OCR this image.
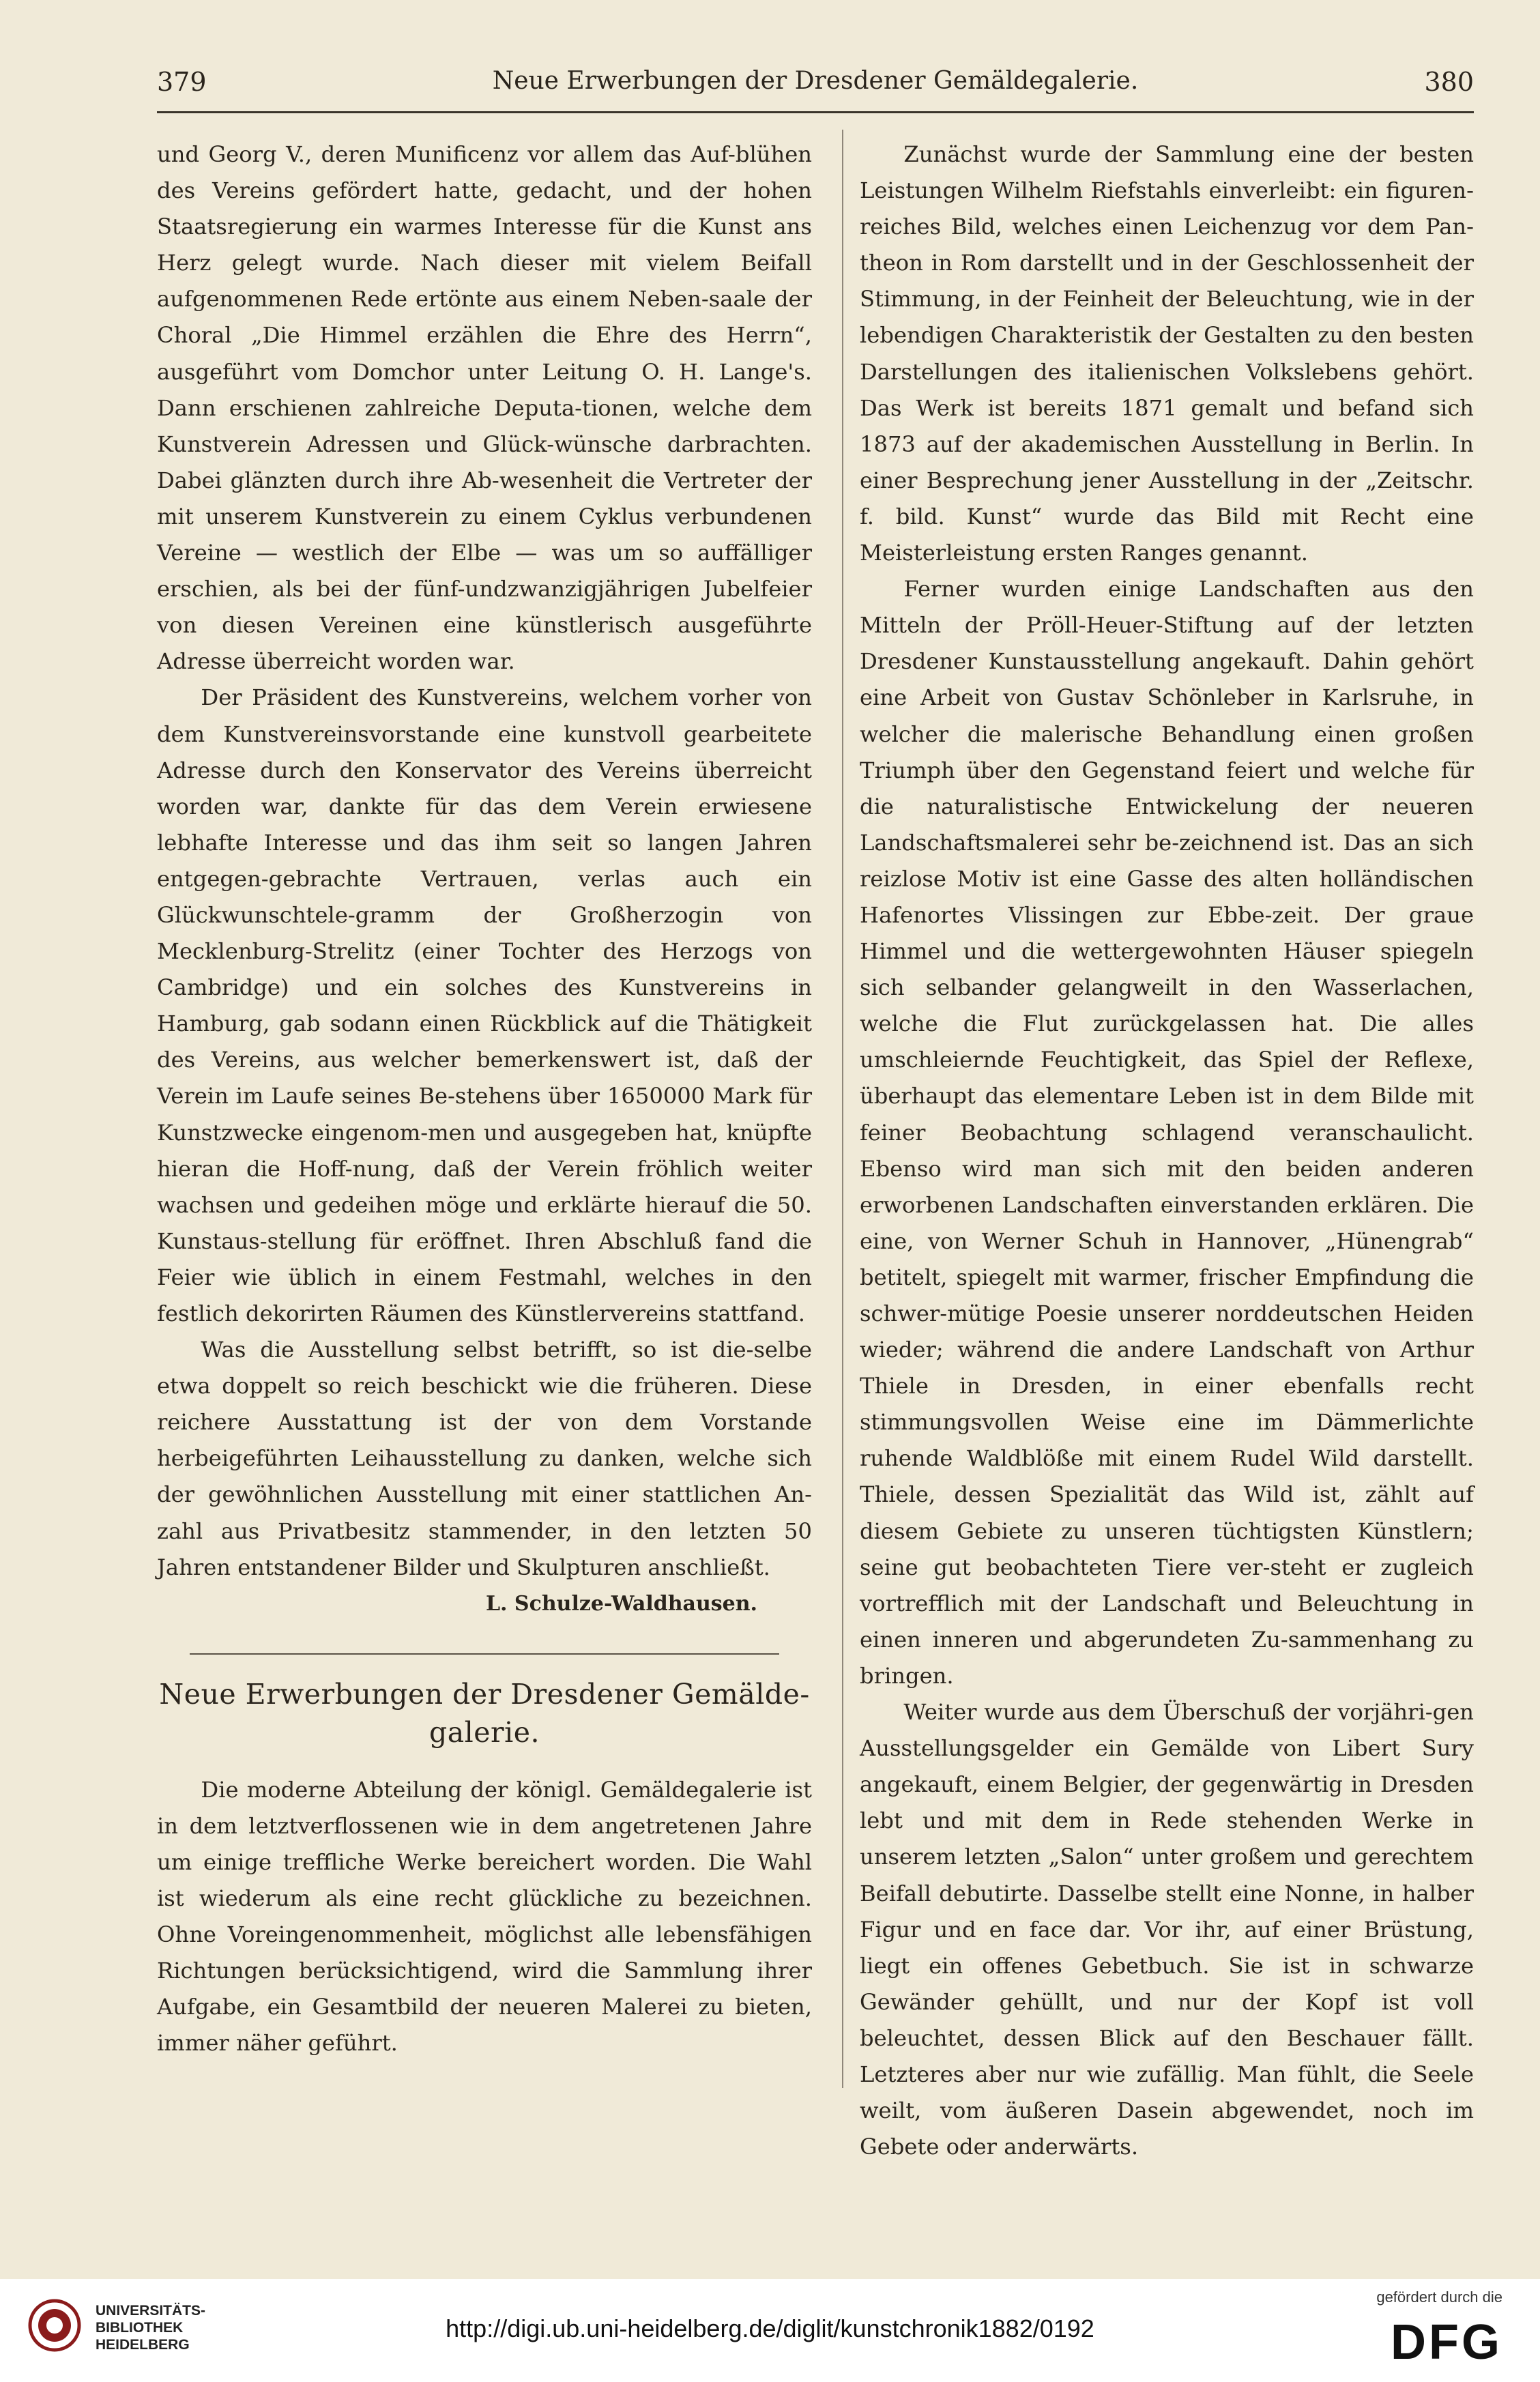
379	Neue Erwerbungen der Dresdener Gemäldegalerie.	380

und Georg V., deren Munificenz vor allem das Auf-blühen des Vereins gefördert hatte, gedacht, und der hohen Staatsregierung ein warmes Interesse für die Kunst ans Herz gelegt wurde. Nach dieser mit vielem Beifall aufgenommenen Rede ertönte aus einem Neben-saale der Choral „Die Himmel erzählen die Ehre des Herrn“, ausgeführt vom Domchor unter Leitung O. H. Lange's. Dann erschienen zahlreiche Deputa-tionen, welche dem Kunstverein Adressen und Glück-wünsche darbrachten. Dabei glänzten durch ihre Ab-wesenheit die Vertreter der mit unserem Kunstverein zu einem Cyklus verbundenen Vereine — westlich der Elbe — was um so auffälliger erschien, als bei der fünf-undzwanzigjährigen Jubelfeier von diesen Vereinen eine künstlerisch ausgeführte Adresse überreicht worden war.

Der Präsident des Kunstvereins, welchem vorher von dem Kunstvereinsvorstande eine kunstvoll gearbeitete Adresse durch den Konservator des Vereins überreicht worden war, dankte für das dem Verein erwiesene lebhafte Interesse und das ihm seit so langen Jahren entgegen-gebrachte Vertrauen, verlas auch ein Glückwunschtele-gramm der Großherzogin von Mecklenburg-Strelitz (einer Tochter des Herzogs von Cambridge) und ein solches des Kunstvereins in Hamburg, gab sodann einen Rückblick auf die Thätigkeit des Vereins, aus welcher bemerkenswert ist, daß der Verein im Laufe seines Be-stehens über 1650000 Mark für Kunstzwecke eingenom-men und ausgegeben hat, knüpfte hieran die Hoff-nung, daß der Verein fröhlich weiter wachsen und gedeihen möge und erklärte hierauf die 50. Kunstaus-stellung für eröffnet. Ihren Abschluß fand die Feier wie üblich in einem Festmahl, welches in den festlich dekorirten Räumen des Künstlervereins stattfand.

Was die Ausstellung selbst betrifft, so ist die-selbe etwa doppelt so reich beschickt wie die früheren. Diese reichere Ausstattung ist der von dem Vorstande herbeigeführten Leihausstellung zu danken, welche sich der gewöhnlichen Ausstellung mit einer stattlichen An-zahl aus Privatbesitz stammender, in den letzten 50 Jahren entstandener Bilder und Skulpturen anschließt.

L. Schulze-Waldhausen.
Neue Erwerbungen der Dresdener Gemälde-
galerie.

Die moderne Abteilung der königl. Gemäldegalerie ist in dem letztverflossenen wie in dem angetretenen Jahre um einige treffliche Werke bereichert worden. Die Wahl ist wiederum als eine recht glückliche zu bezeichnen. Ohne Voreingenommenheit, möglichst alle lebensfähigen Richtungen berücksichtigend, wird die Sammlung ihrer Aufgabe, ein Gesamtbild der neueren Malerei zu bieten, immer näher geführt.

Zunächst wurde der Sammlung eine der besten Leistungen Wilhelm Riefstahls einverleibt: ein figuren-reiches Bild, welches einen Leichenzug vor dem Pan-theon in Rom darstellt und in der Geschlossenheit der Stimmung, in der Feinheit der Beleuchtung, wie in der lebendigen Charakteristik der Gestalten zu den besten Darstellungen des italienischen Volkslebens gehört. Das Werk ist bereits 1871 gemalt und befand sich 1873 auf der akademischen Ausstellung in Berlin. In einer Besprechung jener Ausstellung in der „Zeitschr. f. bild. Kunst“ wurde das Bild mit Recht eine Meisterleistung ersten Ranges genannt.

Ferner wurden einige Landschaften aus den Mitteln der Pröll-Heuer-Stiftung auf der letzten Dresdener Kunstausstellung angekauft. Dahin gehört eine Arbeit von Gustav Schönleber in Karlsruhe, in welcher die malerische Behandlung einen großen Triumph über den Gegenstand feiert und welche für die naturalistische Entwickelung der neueren Landschaftsmalerei sehr be-zeichnend ist. Das an sich reizlose Motiv ist eine Gasse des alten holländischen Hafenortes Vlissingen zur Ebbe-zeit. Der graue Himmel und die wettergewohnten Häuser spiegeln sich selbander gelangweilt in den Wasserlachen, welche die Flut zurückgelassen hat. Die alles umschleiernde Feuchtigkeit, das Spiel der Reflexe, überhaupt das elementare Leben ist in dem Bilde mit feiner Beobachtung schlagend veranschaulicht. Ebenso wird man sich mit den beiden anderen erworbenen Landschaften einverstanden erklären. Die eine, von Werner Schuh in Hannover, „Hünengrab“ betitelt, spiegelt mit warmer, frischer Empfindung die schwer-mütige Poesie unserer norddeutschen Heiden wieder; während die andere Landschaft von Arthur Thiele in Dresden, in einer ebenfalls recht stimmungsvollen Weise eine im Dämmerlichte ruhende Waldblöße mit einem Rudel Wild darstellt. Thiele, dessen Spezialität das Wild ist, zählt auf diesem Gebiete zu unseren tüchtigsten Künstlern; seine gut beobachteten Tiere ver-steht er zugleich vortrefflich mit der Landschaft und Beleuchtung in einen inneren und abgerundeten Zu-sammenhang zu bringen.

Weiter wurde aus dem Überschuß der vorjähri-gen Ausstellungsgelder ein Gemälde von Libert Sury angekauft, einem Belgier, der gegenwärtig in Dresden lebt und mit dem in Rede stehenden Werke in unserem letzten „Salon“ unter großem und gerechtem Beifall debutirte. Dasselbe stellt eine Nonne, in halber Figur und en face dar. Vor ihr, auf einer Brüstung, liegt ein offenes Gebetbuch. Sie ist in schwarze Gewänder gehüllt, und nur der Kopf ist voll beleuchtet, dessen Blick auf den Beschauer fällt. Letzteres aber nur wie zufällig. Man fühlt, die Seele weilt, vom äußeren Dasein abgewendet, noch im Gebete oder anderwärts.

UNIVERSITÄTS-
BIBLIOTHEK
HEIDELBERG
http://digi.ub.uni-heidelberg.de/diglit/kunstchronik1882/0192
gefördert durch die
DFG
